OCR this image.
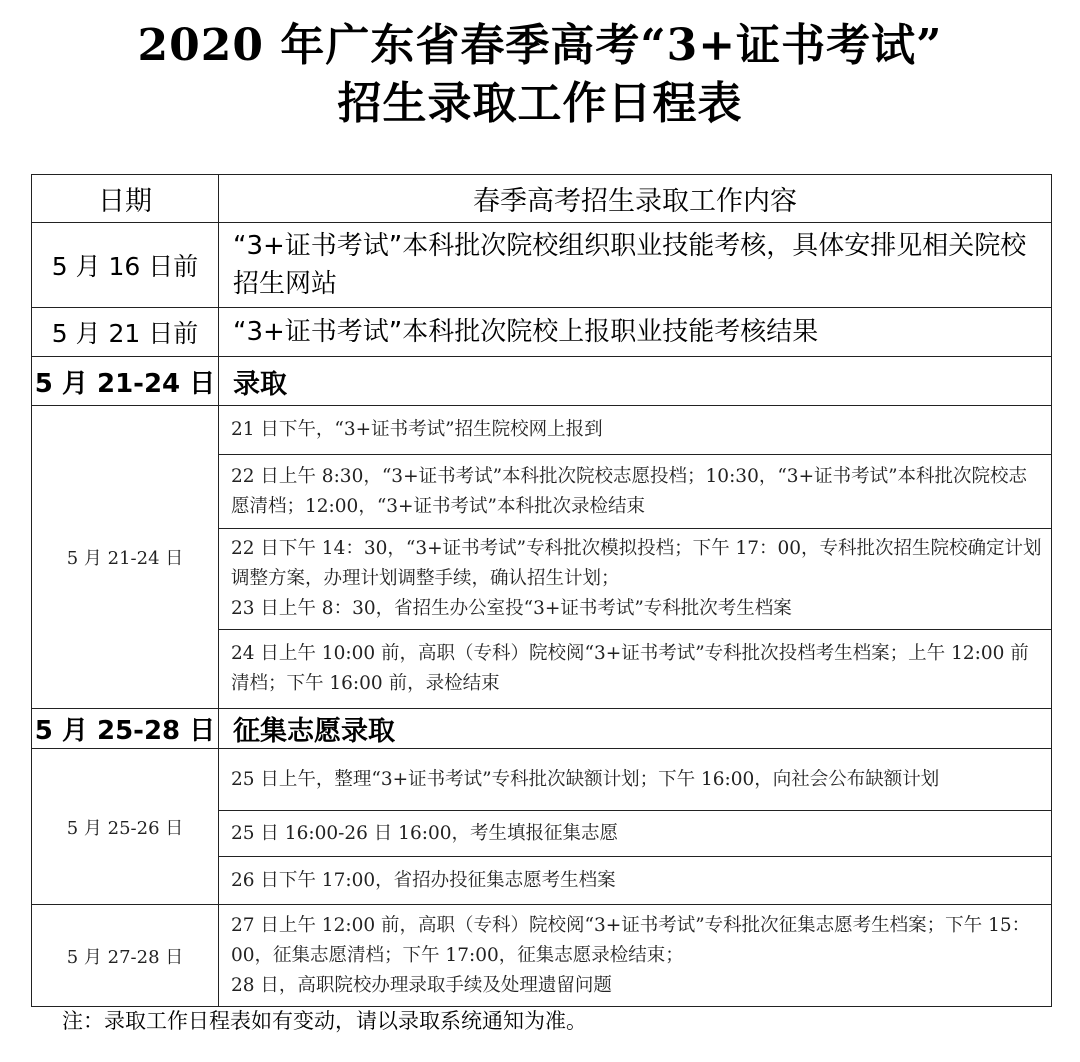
2020 年广东省春季高考“3+证书考试”
招生录取工作日程表
日期	春季高考招生录取工作内容
5 月 16 日前	“3+证书考试”本科批次院校组织职业技能考核，具体安排见相关院校招生网站
5 月 21 日前	“3+证书考试”本科批次院校上报职业技能考核结果
5 月 21-24 日	录取
5 月 21-24 日	21 日下午，“3+证书考试”招生院校网上报到
	22 日上午 8:30，“3+证书考试”本科批次院校志愿投档；10:30，“3+证书考试”本科批次院校志愿清档；12:00，“3+证书考试”本科批次录检结束

	22 日下午 14：30，“3+证书考试”专科批次模拟投档；下午 17：00，专科批次招生院校确定计划调整方案，办理计划调整手续，确认招生计划；
23 日上午 8：30，省招生办公室投“3+证书考试”专科批次考生档案

	24 日上午 10:00 前，高职（专科）院校阅“3+证书考试”专科批次投档考生档案；上午 12:00 前清档；下午 16:00 前，录检结束
5 月 25-28 日	征集志愿录取
5 月 25-26 日	25 日上午，整理“3+证书考试”专科批次缺额计划；下午 16:00，向社会公布缺额计划
	25 日 16:00-26 日 16:00，考生填报征集志愿
	26 日下午 17:00，省招办投征集志愿考生档案
5 月 27-28 日	27 日上午 12:00 前，高职（专科）院校阅“3+证书考试”专科批次征集志愿考生档案；下午 15：00，征集志愿清档；下午 17:00，征集志愿录检结束；
28 日，高职院校办理录取手续及处理遗留问题
注：录取工作日程表如有变动，请以录取系统通知为准。
